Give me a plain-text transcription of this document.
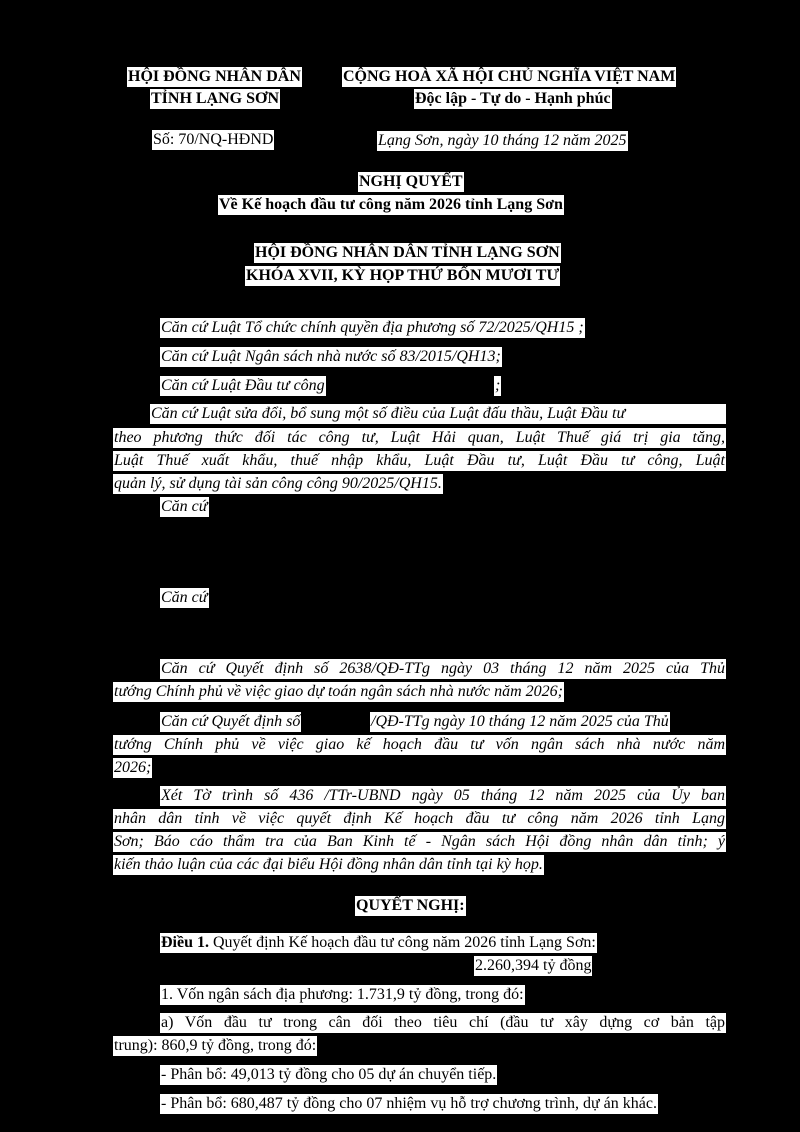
HỘI ĐỒNG NHÂN DÂN
TỈNH LẠNG SƠN
CỘNG HOÀ XÃ HỘI CHỦ NGHĨA VIỆT NAM
Độc lập - Tự do - Hạnh phúc
Số: 70/NQ-HĐND	Lạng Sơn, ngày 10 tháng 12 năm 2025
NGHỊ QUYẾT
Về Kế hoạch đầu tư công năm 2026 tỉnh Lạng Sơn
HỘI ĐỒNG NHÂN DÂN TỈNH LẠNG SƠN
KHÓA XVII, KỲ HỌP THỨ BỐN MƯƠI TƯ
Căn cứ Luật Tổ chức chính quyền địa phương số 72/2025/QH15 ;
Căn cứ Luật Ngân sách nhà nước số 83/2015/QH13;
Căn cứ Luật Đầu tư công	;
Căn cứ Luật sửa đổi, bổ sung một số điều của Luật đấu thầu, Luật Đầu tư
theo phương thức đối tác công tư, Luật Hải quan, Luật Thuế giá trị gia tăng,
Luật Thuế xuất khẩu, thuế nhập khẩu, Luật Đầu tư, Luật Đầu tư công, Luật
quản lý, sử dụng tài sản công công 90/2025/QH15.
Căn cứ
Căn cứ
Căn cứ Quyết định số 2638/QĐ-TTg ngày 03 tháng 12 năm 2025 của Thủ
tướng Chính phủ về việc giao dự toán ngân sách nhà nước năm 2026;
Căn cứ Quyết định số	/QĐ-TTg ngày 10 tháng 12 năm 2025 của Thủ
tướng Chính phủ về việc giao kế hoạch đầu tư vốn ngân sách nhà nước năm
2026;
Xét Tờ trình số 436 /TTr-UBND ngày 05 tháng 12 năm 2025 của Ủy ban
nhân dân tỉnh về việc quyết định Kế hoạch đầu tư công năm 2026 tỉnh Lạng
Sơn; Báo cáo thẩm tra của Ban Kinh tế - Ngân sách Hội đồng nhân dân tỉnh; ý
kiến thảo luận của các đại biểu Hội đồng nhân dân tỉnh tại kỳ họp.
QUYẾT NGHỊ:
Điều 1. Quyết định Kế hoạch đầu tư công năm 2026 tỉnh Lạng Sơn:
2.260,394 tỷ đồng
1. Vốn ngân sách địa phương: 1.731,9 tỷ đồng, trong đó:
a) Vốn đầu tư trong cân đối theo tiêu chí (đầu tư xây dựng cơ bản tập
trung): 860,9 tỷ đồng, trong đó:
- Phân bổ: 49,013 tỷ đồng cho 05 dự án chuyển tiếp.
- Phân bổ: 680,487 tỷ đồng cho 07 nhiệm vụ hỗ trợ chương trình, dự án khác.
